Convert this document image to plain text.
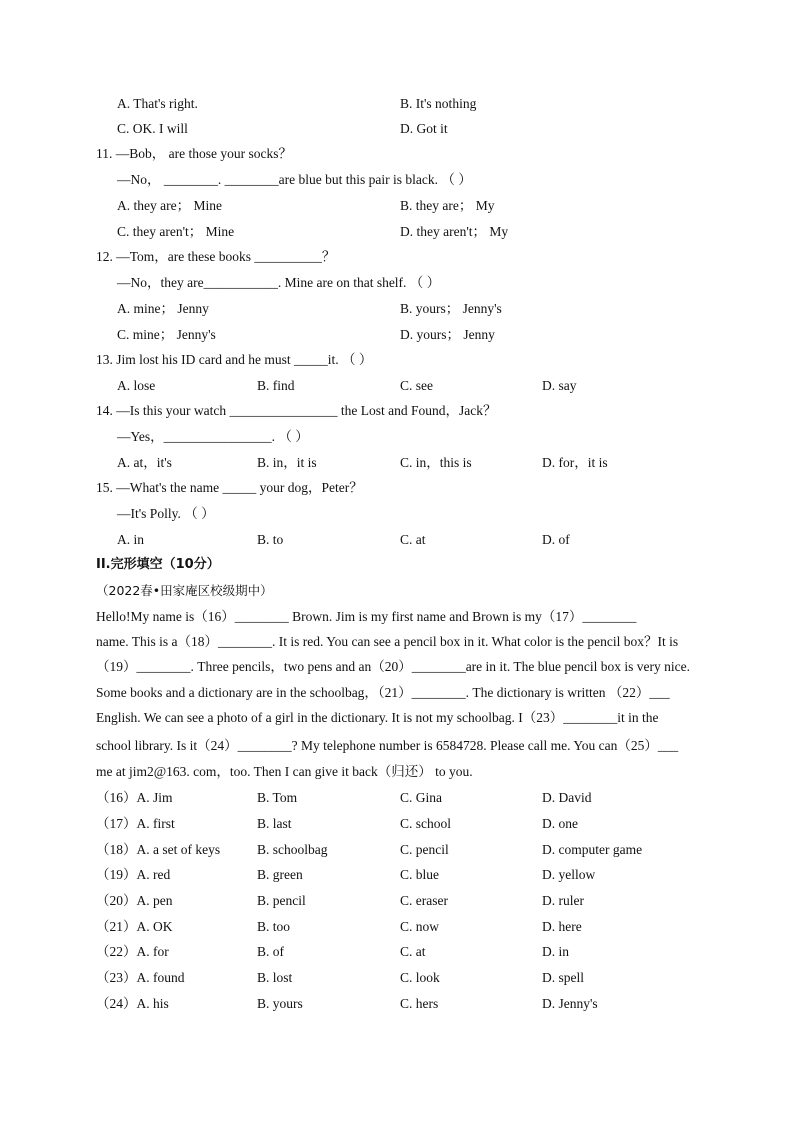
A. That's right.	B. It's nothing
C. OK. I will	D. Got it
11. —Bob， are those your socks？
—No， ________. ________are blue but this pair is black. （ ）
A. they are； Mine	B. they are； My
C. they aren't； Mine	D. they aren't； My
12. —Tom，are these books __________？
—No，they are___________. Mine are on that shelf. （ ）
A. mine； Jenny	B. yours； Jenny's
C. mine； Jenny's	D. yours； Jenny
13. Jim lost his ID card and he must _____it. （ ）
A. lose	B. find	C. see	D. say
14. —Is this your watch ________________ the Lost and Found，Jack？
—Yes，________________. （ ）
A. at，it's	B. in，it is	C. in，this is	D. for，it is
15. —What's the name _____ your dog，Peter？
—It's Polly. （ ）
A. in	B. to	C. at	D. of
II.完形填空（10分）
（2022春•田家庵区校级期中）
Hello!My name is（16）________ Brown. Jim is my first name and Brown is my（17）________
name. This is a（18）________. It is red. You can see a pencil box in it. What color is the pencil box？It is
（19）________. Three pencils，two pens and an（20）________are in it. The blue pencil box is very nice.
Some books and a dictionary are in the schoolbag，（21）________. The dictionary is written （22）___
English. We can see a photo of a girl in the dictionary. It is not my schoolbag. I（23）________it in the
school library. Is it（24）________? My telephone number is 6584728. Please call me. You can（25）___
me at jim2@163. com，too. Then I can give it back（归还） to you.
（16）A. Jim	B. Tom	C. Gina	D. David
（17）A. first	B. last	C. school	D. one
（18）A. a set of keys	B. schoolbag	C. pencil	D. computer game
（19）A. red	B. green	C. blue	D. yellow
（20）A. pen	B. pencil	C. eraser	D. ruler
（21）A. OK	B. too	C. now	D. here
（22）A. for	B. of	C. at	D. in
（23）A. found	B. lost	C. look	D. spell
（24）A. his	B. yours	C. hers	D. Jenny's
